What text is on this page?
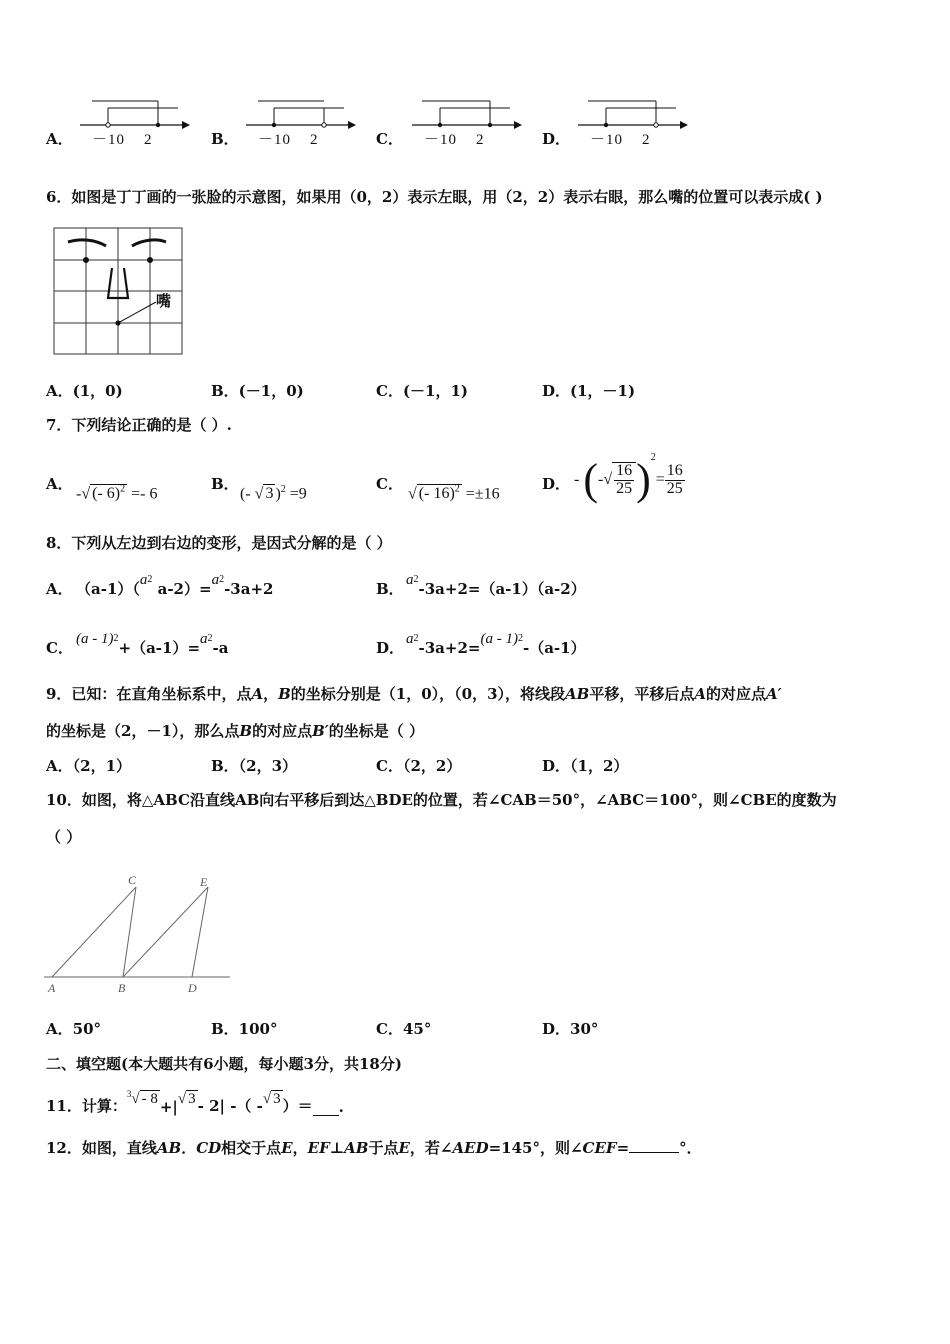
A． －10 2	B． －10 2	C． －10 2	D． －10 2
6．如图是丁丁画的一张脸的示意图，如果用（0，2）表示左眼，用（2，2）表示右眼，那么嘴的位置可以表示成( )
嘴
A．(1，0)	B．(－1，0)	C．(－1，1)	D．(1，－1)
7．下列结论正确的是（ ）.
A．
-√ (- 6)$^2$ =- 6
B．
(- √ 3 )$^2$ =9
C．
√ (- 16)$^2$ =±16
D． -
( - √ $\frac{16}{25} )^2$
= $\frac{16}{25}$
8．下列从左边到右边的变形，是因式分解的是（ ）
A． $(a-1)(a^2$ $a-2)=a^2-3a+2$	B． $a^2-3a+2=(a-1)(a-2)$
C． $(a - 1)^2+(a-1)=a^2-a$	D． $a^2-3a+2=(a - 1)^2-(a-1)$
9．已知：在直角坐标系中，点A，B的坐标分别是（1，0），（0，3），将线段AB平移，平移后点A的对应点A′
的坐标是（2，－1），那么点B的对应点B′的坐标是（ ）
A．（2，1）	B．（2，3）	C．（2，2）	D．（1，2）
10．如图，将△ABC沿直线AB向右平移后到达△BDE的位置，若∠CAB＝50°，∠ABC＝100°，则∠CBE的度数为
（ ）
C	E
A	B	D
A．50°	B．100°	C．45°	D．30°
二、填空题(本大题共有6小题，每小题3分，共18分)
11．计算：
$^3$√ - 8 +| √ 3 - 2| -（ - √ 3 ）＝ .
12．如图，直线AB．CD相交于点E，EF⊥AB于点E，若∠AED=145°，则∠CEF=	°．
